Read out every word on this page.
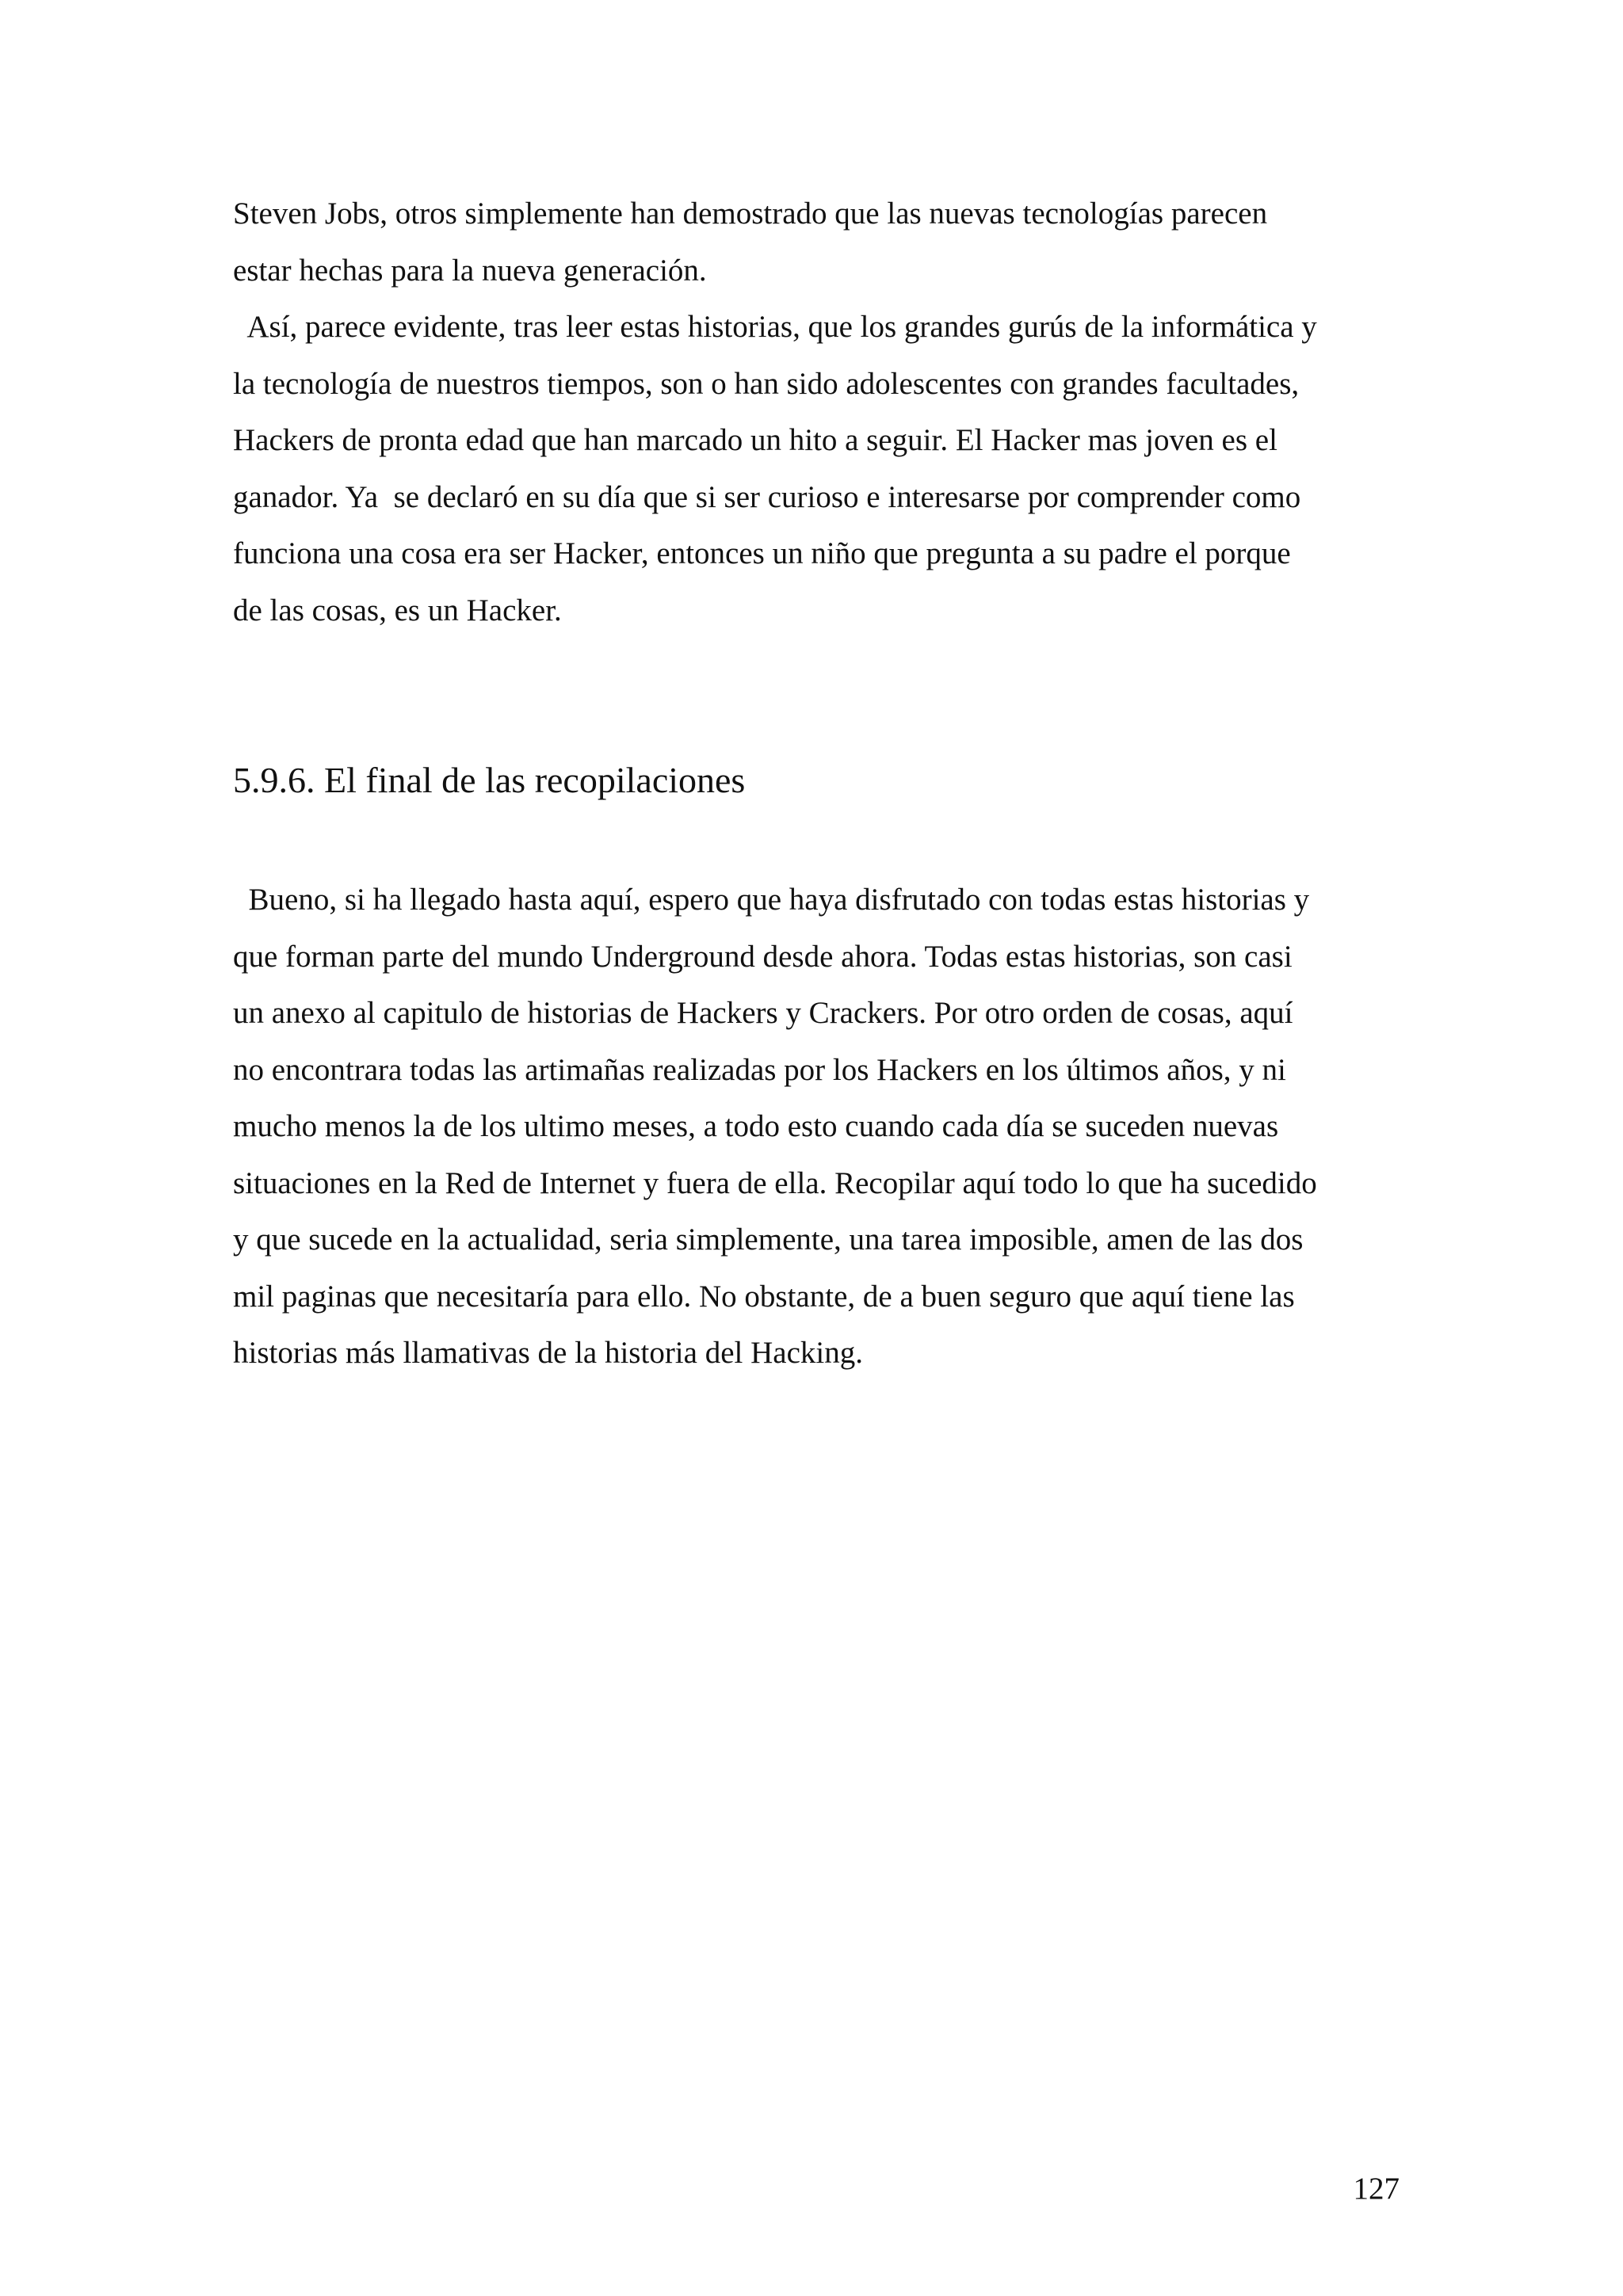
Steven Jobs, otros simplemente han demostrado que las nuevas tecnologías parecen
estar hechas para la nueva generación.
Así, parece evidente, tras leer estas historias, que los grandes gurús de la informática y
la tecnología de nuestros tiempos, son o han sido adolescentes con grandes facultades,
Hackers de pronta edad que han marcado un hito a seguir. El Hacker mas joven es el
ganador. Ya  se declaró en su día que si ser curioso e interesarse por comprender como
funciona una cosa era ser Hacker, entonces un niño que pregunta a su padre el porque
de las cosas, es un Hacker.
5.9.6. El final de las recopilaciones
Bueno, si ha llegado hasta aquí, espero que haya disfrutado con todas estas historias y
que forman parte del mundo Underground desde ahora. Todas estas historias, son casi
un anexo al capitulo de historias de Hackers y Crackers. Por otro orden de cosas, aquí
no encontrara todas las artimañas realizadas por los Hackers en los últimos años, y ni
mucho menos la de los ultimo meses, a todo esto cuando cada día se suceden nuevas
situaciones en la Red de Internet y fuera de ella. Recopilar aquí todo lo que ha sucedido
y que sucede en la actualidad, seria simplemente, una tarea imposible, amen de las dos
mil paginas que necesitaría para ello. No obstante, de a buen seguro que aquí tiene las
historias más llamativas de la historia del Hacking.
127
